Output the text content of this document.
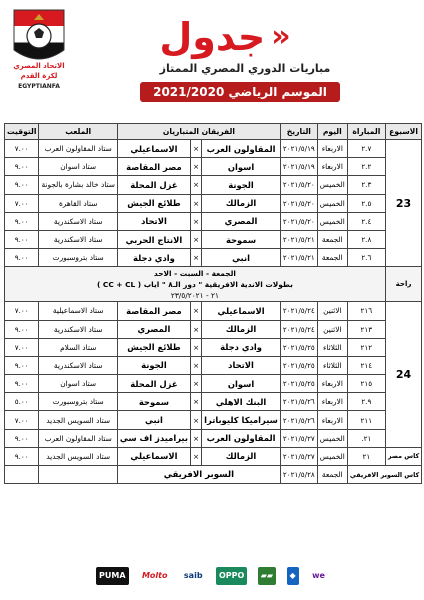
الاتحاد المصري
لكرة القدم
EGYPTIANFA
جدول »
مباريات الدوري المصري الممتاز
الموسم الرياضي 2021/2020
الاسبوع	المباراة	اليوم	التاريخ	الفريقان المتباريان			الملعب	التوقيت
23	٢.٧	الاربعاء	٢٠٢١/٥/١٩	المقاولون العرب	×	الاسماعيلي	ستاد المقاولون العرب	٧.٠٠
	٢.٢	الاربعاء	٢٠٢١/٥/١٩	اسوان	×	مصر المقاصة	ستاد اسوان	٩.٠٠
	٢.٣	الخميس	٢٠٢١/٥/٢٠	الجونة	×	غزل المحلة	ستاد خالد بشارة بالجونة	٩.٠٠
	٢.٥	الخميس	٢٠٢١/٥/٢٠	الزمالك	×	طلائع الجيش	ستاد القاهرة	٧.٠٠
	٢.٤	الخميس	٢٠٢١/٥/٢٠	المصري	×	الاتحاد	ستاد الاسكندرية	٩.٠٠
	٢.٨	الجمعة	٢٠٢١/٥/٢١	سموحة	×	الانتاج الحربي	ستاد الاسكندرية	٩.٠٠
	٢.٦	الجمعة	٢٠٢١/٥/٢١	انبي	×	وادي دجلة	ستاد بتروسبورت	٩.٠٠
راحة	الجمعة - السبت - الاحد
بطولات الاندية الافريقية " دور الـ٨ " اياب ( CC + CL )
٢١ - ٢٣/٥/٢٠٢١							

24	٢١٦	الاثنين	٢٠٢١/٥/٢٤	الاسماعيلي	×	مصر المقاصة	ستاد الاسماعيلية	٧.٠٠
	٢١٣	الاثنين	٢٠٢١/٥/٢٤	الزمالك	×	المصري	ستاد الاسكندرية	٩.٠٠
	٢١٢	الثلاثاء	٢٠٢١/٥/٢٥	وادي دجلة	×	طلائع الجيش	ستاد السلام	٧.٠٠
	٢١٤	الثلاثاء	٢٠٢١/٥/٢٥	الاتحاد	×	الجونة	ستاد الاسكندرية	٩.٠٠
	٢١٥	الاربعاء	٢٠٢١/٥/٢٥	اسوان	×	غزل المحلة	ستاد اسوان	٩.٠٠
	٢.٩	الاربعاء	٢٠٢١/٥/٢٦	البنك الاهلي	×	سموحة	ستاد بتروسبورت	٥.٠٠
	٢١١	الاربعاء	٢٠٢١/٥/٢٦	سيراميكا كليوباترا	×	انبي	ستاد السويس الجديد	٧.٠٠
	٢١.	الخميس	٢٠٢١/٥/٢٧	المقاولون العرب	×	بيراميدز اف سي	ستاد المقاولون العرب	٩.٠٠
كاس مصر	٢١	الخميس	٢٠٢١/٥/٢٧	الزمالك	×	الاسماعيلي	ستاد السويس الجديد	٩.٠٠
كاس السوبر الافريقي		الجمعة	٢٠٢١/٥/٢٨	السوبر الافريقي				
PUMA	Molto	saib	OPPO	▰▰	◆	we
